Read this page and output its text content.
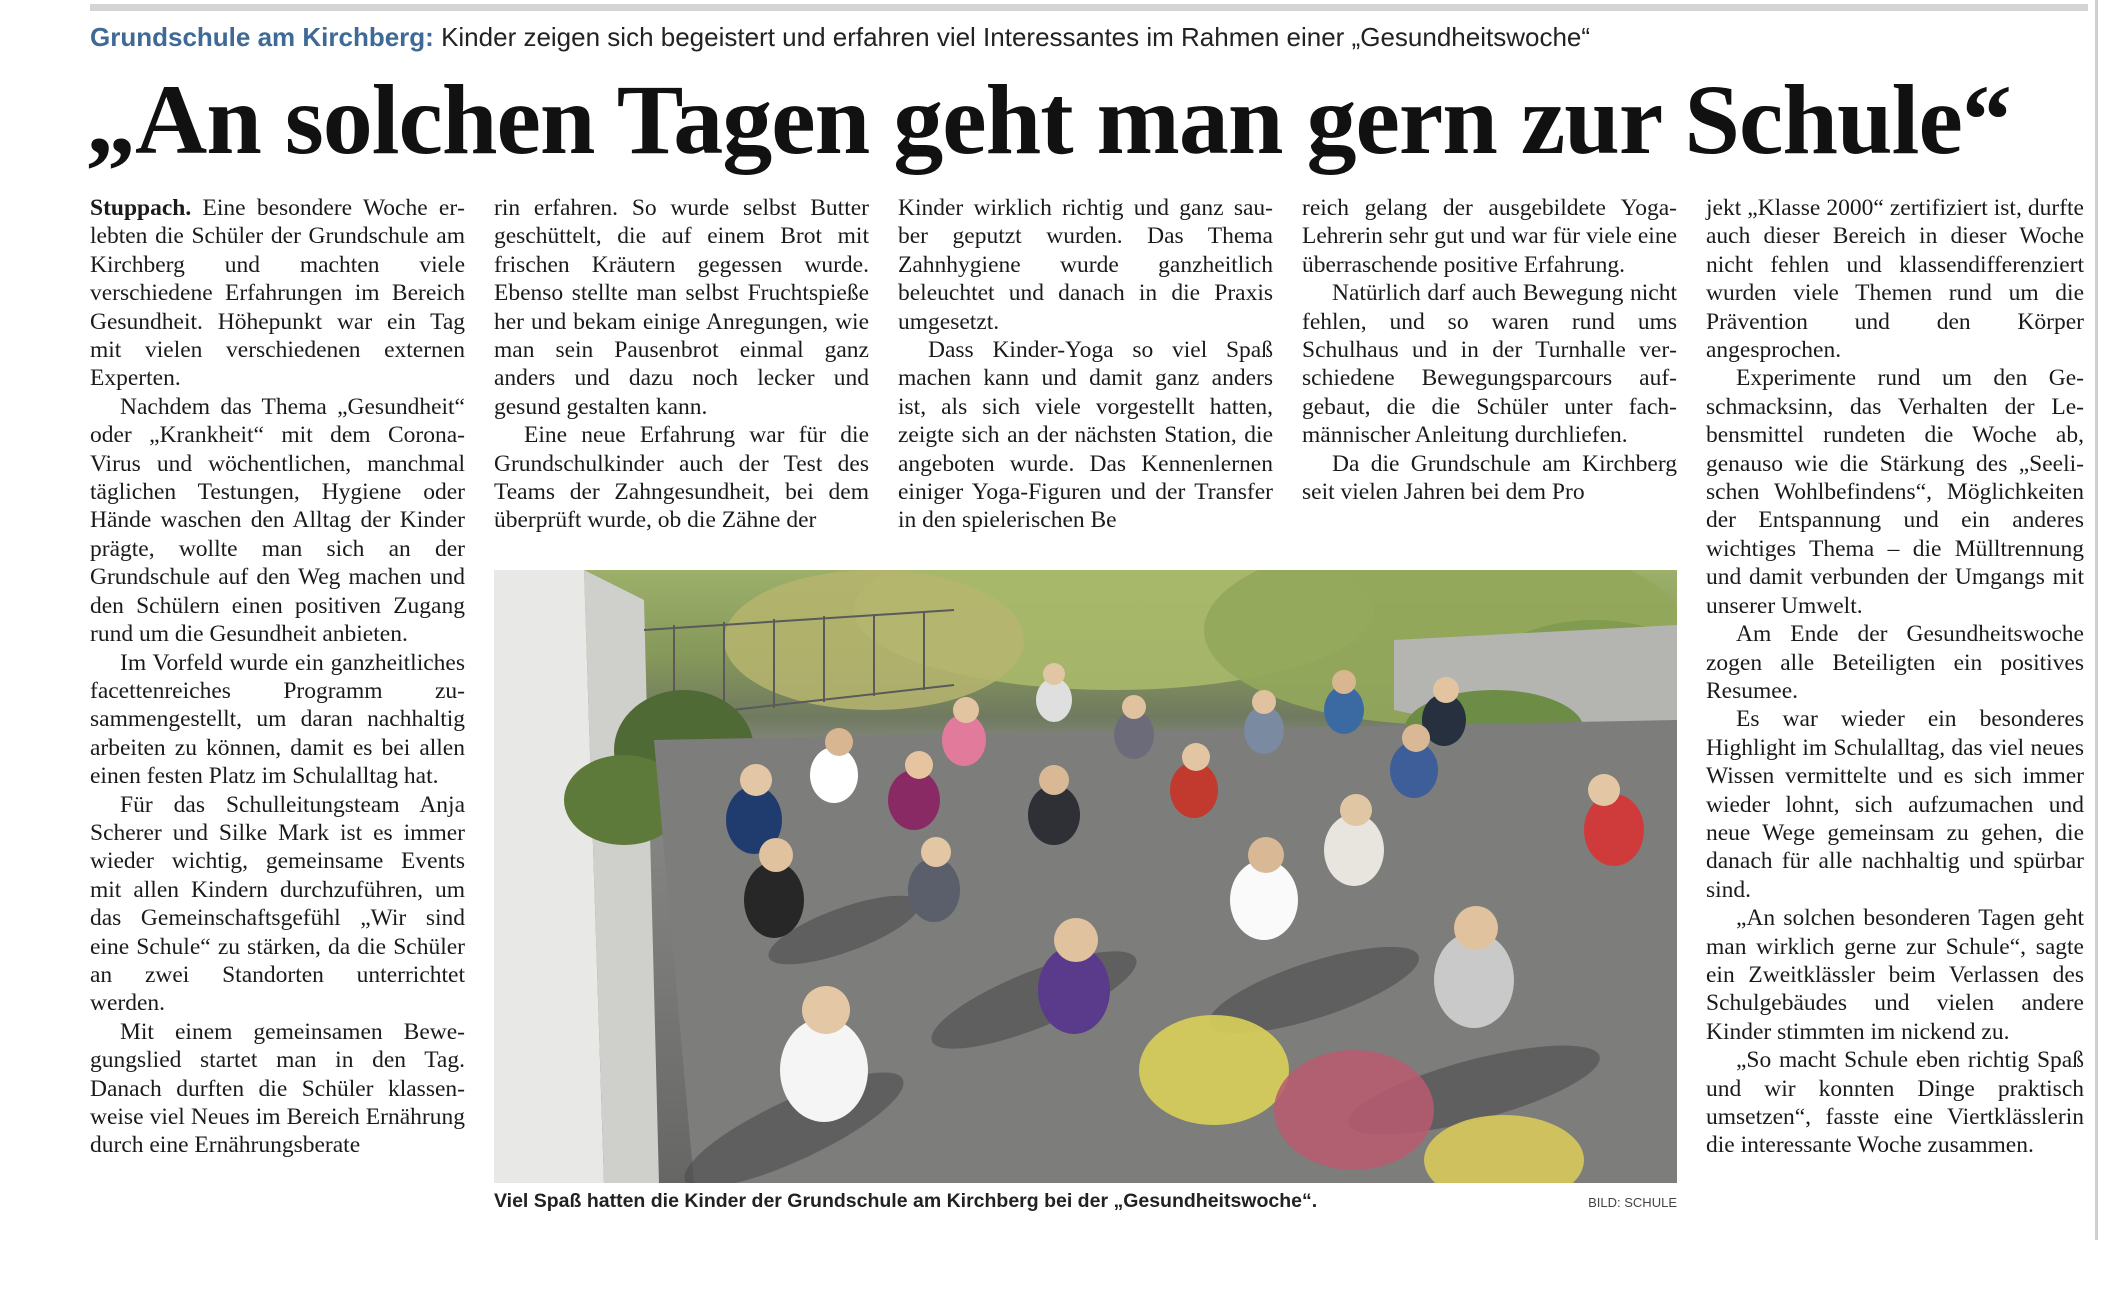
Grundschule am Kirchberg: Kinder zeigen sich begeistert und erfahren viel Interessantes im Rahmen einer „Gesundheitswoche“
„An solchen Tagen geht man gern zur Schule“

Stuppach. Eine besondere Woche erlebten die Schüler der Grundschule am Kirchberg und machten viele verschiedene Erfahrungen im Bereich Gesundheit. Höhepunkt war ein Tag mit vielen verschiedenen externen Experten.

Nachdem das Thema „Gesundheit“ oder „Krankheit“ mit dem Corona-Virus und wöchentlichen, manchmal täglichen Testungen, Hygiene oder Hände waschen den Alltag der Kinder prägte, wollte man sich an der Grundschule auf den Weg machen und den Schülern einen positiven Zugang rund um die Gesundheit anbieten.

Im Vorfeld wurde ein ganzheitliches facettenreiches Programm zusammengestellt, um daran nachhaltig arbeiten zu können, damit es bei allen einen festen Platz im Schulalltag hat.

Für das Schulleitungsteam Anja Scherer und Silke Mark ist es immer wieder wichtig, gemeinsame Events mit allen Kindern durchzuführen, um das Gemeinschaftsgefühl „Wir sind eine Schule“ zu stärken, da die Schüler an zwei Standorten unterrichtet werden.

Mit einem gemeinsamen Bewegungslied startet man in den Tag. Danach durften die Schüler klassenweise viel Neues im Bereich Ernährung durch eine Ernährungsberate

rin erfahren. So wurde selbst Butter geschüttelt, die auf einem Brot mit frischen Kräutern gegessen wurde. Ebenso stellte man selbst Fruchtspieße her und bekam einige Anregungen, wie man sein Pausenbrot einmal ganz anders und dazu noch lecker und gesund gestalten kann.

Eine neue Erfahrung war für die Grundschulkinder auch der Test des Teams der Zahngesundheit, bei dem überprüft wurde, ob die Zähne der

Kinder wirklich richtig und ganz sauber geputzt wurden. Das Thema Zahnhygiene wurde ganzheitlich beleuchtet und danach in die Praxis umgesetzt.

Dass Kinder-Yoga so viel Spaß machen kann und damit ganz anders ist, als sich viele vorgestellt hatten, zeigte sich an der nächsten Station, die angeboten wurde. Das Kennenlernen einiger Yoga-Figuren und der Transfer in den spielerischen Be

reich gelang der ausgebildete Yoga-Lehrerin sehr gut und war für viele eine überraschende positive Erfahrung.

Natürlich darf auch Bewegung nicht fehlen, und so waren rund ums Schulhaus und in der Turnhalle verschiedene Bewegungsparcours aufgebaut, die die Schüler unter fachmännischer Anleitung durchliefen.

Da die Grundschule am Kirchberg seit vielen Jahren bei dem Pro

jekt „Klasse 2000“ zertifiziert ist, durfte auch dieser Bereich in dieser Woche nicht fehlen und klassendifferenziert wurden viele Themen rund um die Prävention und den Körper angesprochen.

Experimente rund um den Geschmacksinn, das Verhalten der Lebensmittel rundeten die Woche ab, genauso wie die Stärkung des „Seelischen Wohlbefindens“, Möglichkeiten der Entspannung und ein anderes wichtiges Thema – die Mülltrennung und damit verbunden der Umgangs mit unserer Umwelt.

Am Ende der Gesundheitswoche zogen alle Beteiligten ein positives Resumee.

Es war wieder ein besonderes Highlight im Schulalltag, das viel neues Wissen vermittelte und es sich immer wieder lohnt, sich aufzumachen und neue Wege gemeinsam zu gehen, die danach für alle nachhaltig und spürbar sind.

„An solchen besonderen Tagen geht man wirklich gerne zur Schule“, sagte ein Zweitklässler beim Verlassen des Schulgebäudes und vielen andere Kinder stimmten im nickend zu.

„So macht Schule eben richtig Spaß und wir konnten Dinge praktisch umsetzen“, fasste eine Viertklässlerin die interessante Woche zusammen.

Viel Spaß hatten die Kinder der Grundschule am Kirchberg bei der „Gesundheitswoche“.	BILD: SCHULE
